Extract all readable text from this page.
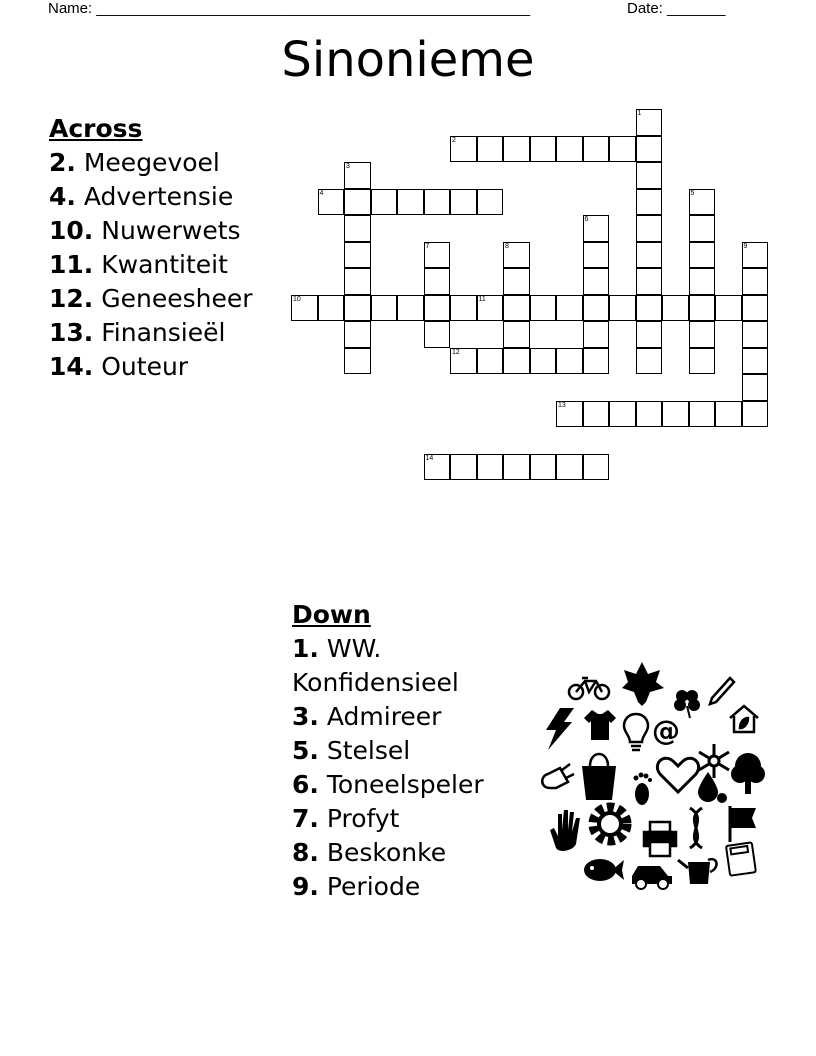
Name: ____________________________________________________	Date: _______
Sinonieme
Across
2. Meegevoel
4. Advertensie
10. Nuwerwets
11. Kwantiteit
12. Geneesheer
13. Finansieël
14. Outeur
Down
1. WW. Konfidensieel
3. Admireer
5. Stelsel
6. Toneelspeler
7. Profyt
8. Beskonke
9. Periode
1
2
3
4	5
6
7	8	9
10	11
12
13
14
@
